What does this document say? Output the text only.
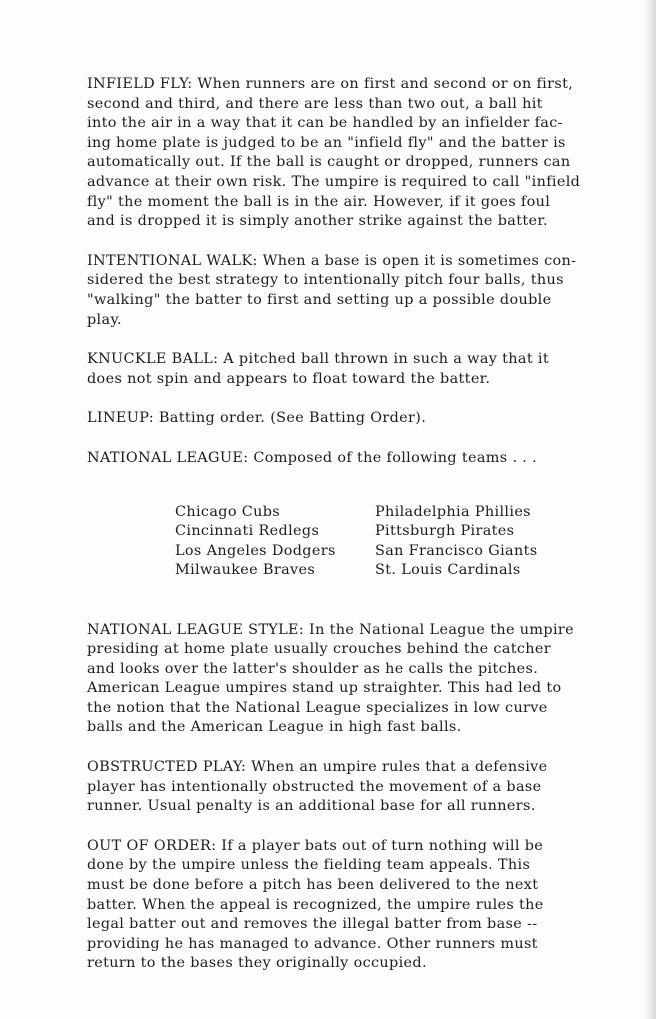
INFIELD FLY: When runners are on first and second or on first,
second and third, and there are less than two out, a ball hit
into the air in a way that it can be handled by an infielder fac-
ing home plate is judged to be an "infield fly" and the batter is
automatically out. If the ball is caught or dropped, runners can
advance at their own risk. The umpire is required to call "infield
fly" the moment the ball is in the air. However, if it goes foul
and is dropped it is simply another strike against the batter.

INTENTIONAL WALK: When a base is open it is sometimes con-
sidered the best strategy to intentionally pitch four balls, thus
"walking" the batter to first and setting up a possible double
play.

KNUCKLE BALL: A pitched ball thrown in such a way that it
does not spin and appears to float toward the batter.

LINEUP: Batting order. (See Batting Order).

NATIONAL LEAGUE: Composed of the following teams . . .

Chicago Cubs
Cincinnati Redlegs
Los Angeles Dodgers
Milwaukee Braves
Philadelphia Phillies
Pittsburgh Pirates
San Francisco Giants
St. Louis Cardinals

NATIONAL LEAGUE STYLE: In the National League the umpire
presiding at home plate usually crouches behind the catcher
and looks over the latter's shoulder as he calls the pitches.
American League umpires stand up straighter. This had led to
the notion that the National League specializes in low curve
balls and the American League in high fast balls.

OBSTRUCTED PLAY: When an umpire rules that a defensive
player has intentionally obstructed the movement of a base
runner. Usual penalty is an additional base for all runners.

OUT OF ORDER: If a player bats out of turn nothing will be
done by the umpire unless the fielding team appeals. This
must be done before a pitch has been delivered to the next
batter. When the appeal is recognized, the umpire rules the
legal batter out and removes the illegal batter from base --
providing he has managed to advance. Other runners must
return to the bases they originally occupied.
